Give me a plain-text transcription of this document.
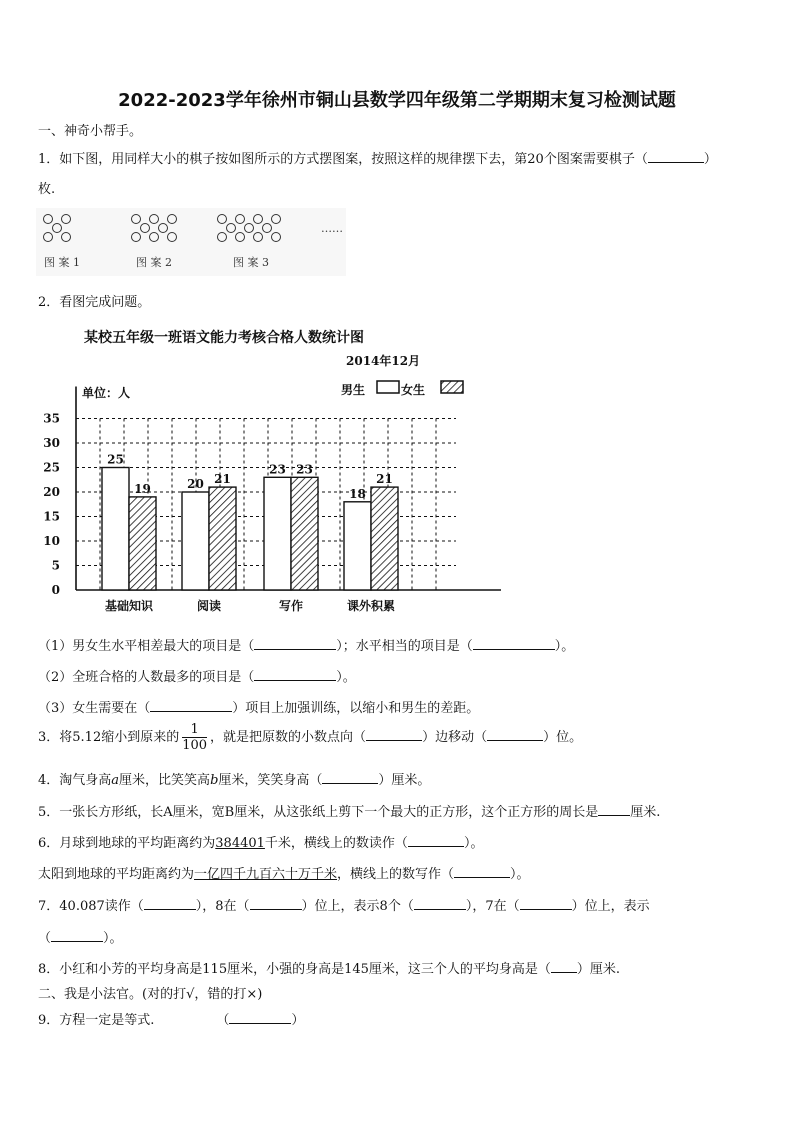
2022-2023学年徐州市铜山县数学四年级第二学期期末复习检测试题
一、神奇小帮手。
1．如下图，用同样大小的棋子按如图所示的方式摆图案，按照这样的规律摆下去，第20个图案需要棋子（	）
枚.
……
图 案 1	图 案 2	图 案 3
2．看图完成问题。
某校五年级一班语文能力考核合格人数统计图
2014年12月
单位：人	男生	女生
0
5
10
15
20
25
30
35
25
19
基础知识
20 21
阅读
23 23
写作
18
21
课外积累
（1）男女生水平相差最大的项目是（	）；水平相当的项目是（	）。
（2）全班合格的人数最多的项目是（	）。
（3）女生需要在（	）项目上加强训练，以缩小和男生的差距。
3．将5.12缩小到原来的 $\frac{1}{100}$ ，就是把原数的小数点向（	）边移动（	）位。
4．淘气身高a厘米，比笑笑高b厘米，笑笑身高（	）厘米。
5．一张长方形纸，长A厘米，宽B厘米，从这张纸上剪下一个最大的正方形，这个正方形的周长是 厘米.
6．月球到地球的平均距离约为384401千米，横线上的数读作（	）。
太阳到地球的平均距离约为一亿四千九百六十万千米，横线上的数写作（	）。
7．40.087读作（	），8在（	）位上，表示8个（	），7在（	）位上，表示
（	）。
8．小红和小芳的平均身高是115厘米，小强的身高是145厘米，这三个人的平均身高是（ ）厘米.
二、我是小法官。(对的打√，错的打×)
9．方程一定是等式.	（	）
